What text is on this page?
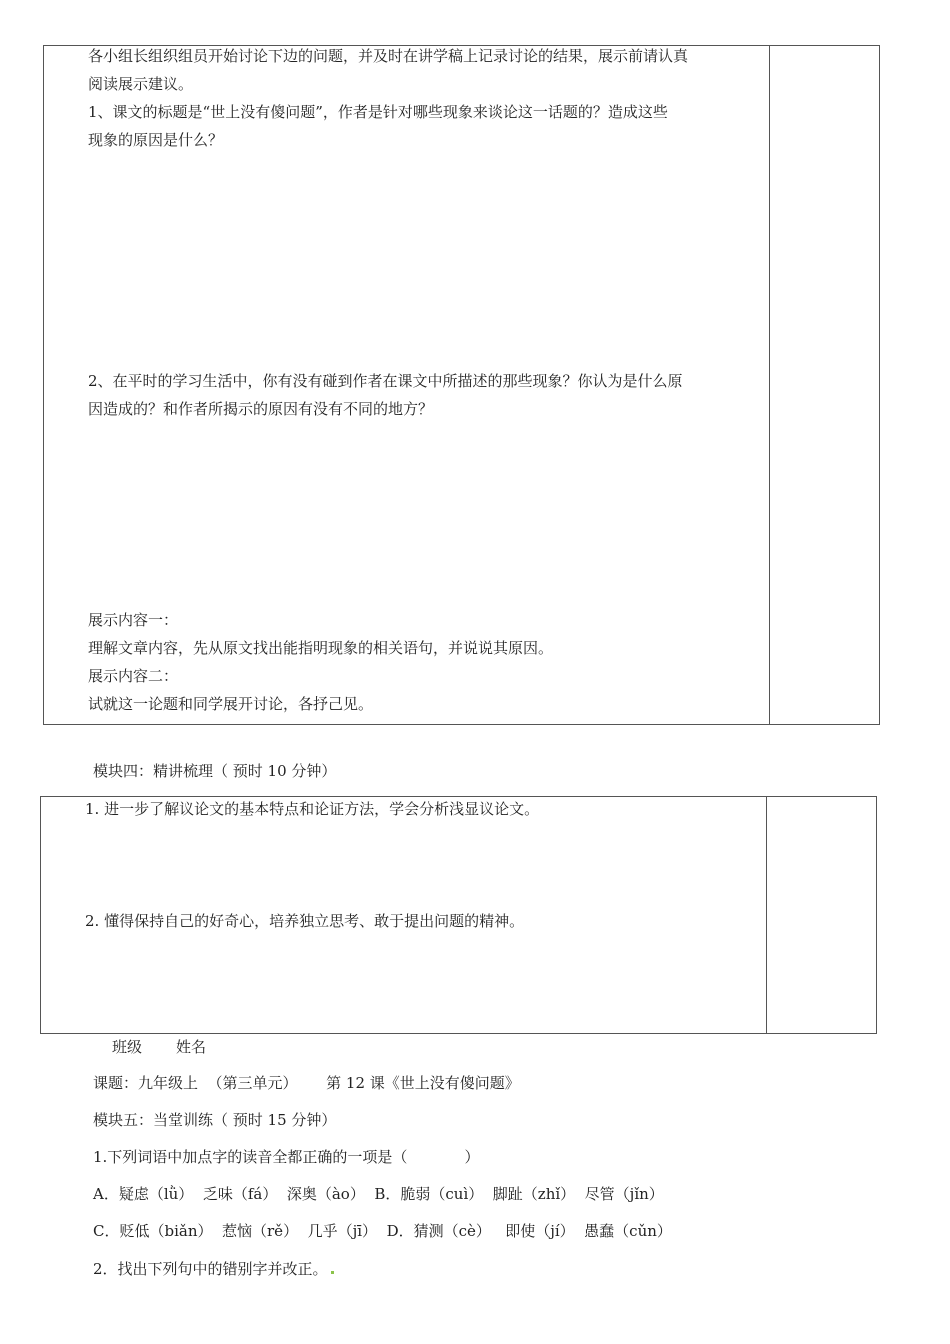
各小组长组织组员开始讨论下边的问题，并及时在讲学稿上记录讨论的结果，展示前请认真
阅读展示建议。
1、课文的标题是“世上没有傻问题”，作者是针对哪些现象来谈论这一话题的？造成这些
现象的原因是什么？
2、在平时的学习生活中，你有没有碰到作者在课文中所描述的那些现象？你认为是什么原
因造成的？和作者所揭示的原因有没有不同的地方？
展示内容一：
理解文章内容，先从原文找出能指明现象的相关语句，并说说其原因。
展示内容二：
试就这一论题和同学展开讨论，各抒己见。
模块四：精讲梳理（ 预时 10 分钟）
1. 进一步了解议论文的基本特点和论证方法，学会分析浅显议论文。
2. 懂得保持自己的好奇心，培养独立思考、敢于提出问题的精神。
班级 姓名
课题：九年级上  （第三单元）      第 12 课《世上没有傻问题》
模块五：当堂训练（ 预时 15 分钟）
1.下列词语中加点字的读音全都正确的一项是（            ）
A．疑虑（lǜ）  乏味（fá）  深奥（ào）  B．脆弱（cuì）  脚趾（zhǐ）  尽管（jǐn）
C．贬低（biǎn）  惹恼（rě）  几乎（jī）  D．猜测（cè）   即使（jí）  愚蠢（cǔn）
2．找出下列句中的错别字并改正。
